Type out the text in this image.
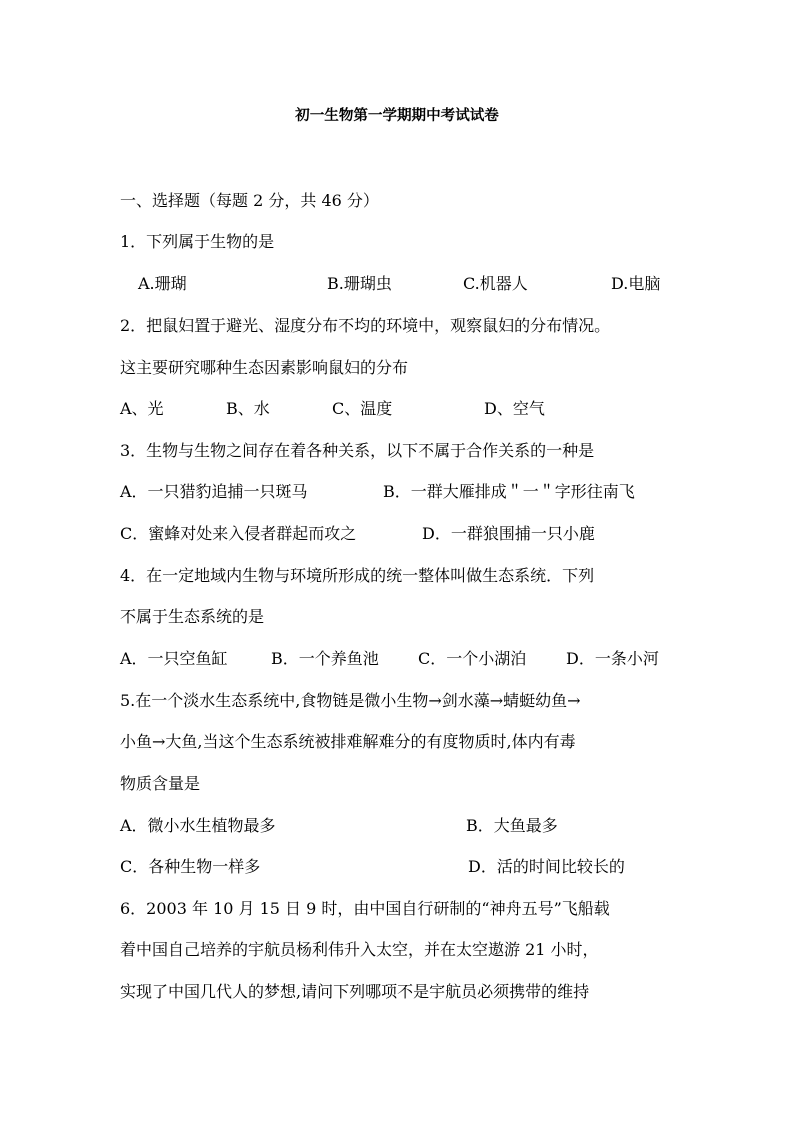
初一生物第一学期期中考试试卷
一、选择题（每题 2 分，共 46 分）
1．下列属于生物的是
A.珊瑚	B.珊瑚虫	C.机器人	D.电脑
2．把鼠妇置于避光、湿度分布不均的环境中，观察鼠妇的分布情况。
这主要研究哪种生态因素影响鼠妇的分布
A、光	B、水	C、温度	D、空气
3．生物与生物之间存在着各种关系，以下不属于合作关系的一种是
A．一只猎豹追捕一只斑马	B．一群大雁排成＂一＂字形往南飞
C．蜜蜂对处来入侵者群起而攻之	D．一群狼围捕一只小鹿
4．在一定地域内生物与环境所形成的统一整体叫做生态系统．下列
不属于生态系统的是
A．一只空鱼缸	B．一个养鱼池 C．一个小湖泊 D．一条小河
5.在一个淡水生态系统中,食物链是微小生物→剑水藻→蜻蜓幼鱼→
小鱼→大鱼,当这个生态系统被排难解难分的有度物质时,体内有毒
物质含量是
A．微小水生植物最多	B．大鱼最多
C．各种生物一样多	D．活的时间比较长的
6．2003 年 10 月 15 日 9 时，由中国自行研制的“神舟五号”飞船载
着中国自己培养的宇航员杨利伟升入太空，并在太空遨游 21 小时，
实现了中国几代人的梦想,请问下列哪项不是宇航员必须携带的维持
